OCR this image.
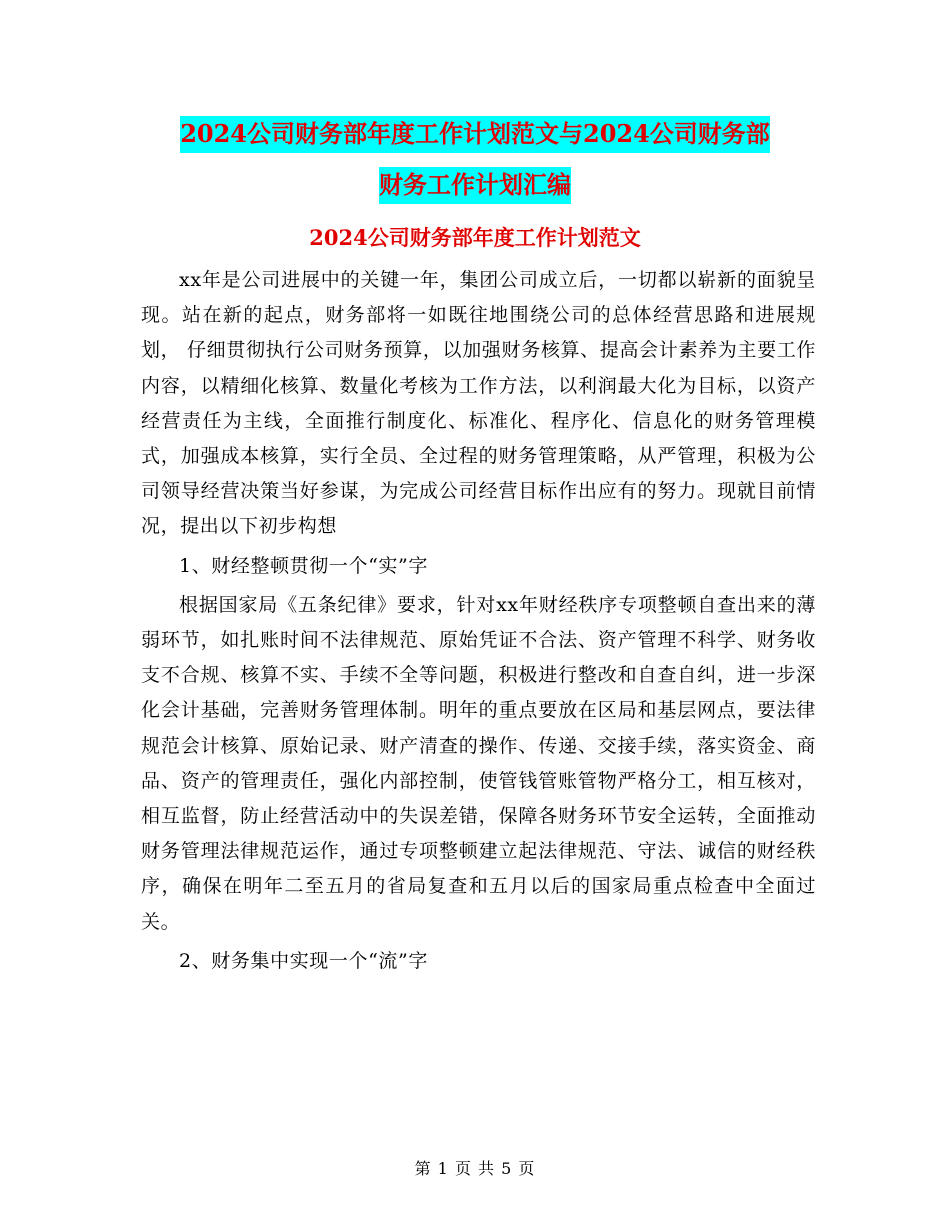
2024公司财务部年度工作计划范文与2024公司财务部
财务工作计划汇编
2024公司财务部年度工作计划范文

xx年是公司进展中的关键一年，集团公司成立后，一切都以崭新的面貌呈现。站在新的起点，财务部将一如既往地围绕公司的总体经营思路和进展规划， 仔细贯彻执行公司财务预算，以加强财务核算、提高会计素养为主要工作内容，以精细化核算、数量化考核为工作方法，以利润最大化为目标，以资产经营责任为主线，全面推行制度化、标准化、程序化、信息化的财务管理模式，加强成本核算，实行全员、全过程的财务管理策略，从严管理，积极为公司领导经营决策当好参谋，为完成公司经营目标作出应有的努力。现就目前情况，提出以下初步构想

1、财经整顿贯彻一个“实”字

根据国家局《五条纪律》要求，针对xx年财经秩序专项整顿自查出来的薄弱环节，如扎账时间不法律规范、原始凭证不合法、资产管理不科学、财务收支不合规、核算不实、手续不全等问题，积极进行整改和自查自纠，进一步深化会计基础，完善财务管理体制。明年的重点要放在区局和基层网点，要法律规范会计核算、原始记录、财产清查的操作、传递、交接手续，落实资金、商品、资产的管理责任，强化内部控制，使管钱管账管物严格分工，相互核对，相互监督，防止经营活动中的失误差错，保障各财务环节安全运转，全面推动财务管理法律规范运作，通过专项整顿建立起法律规范、守法、诚信的财经秩序，确保在明年二至五月的省局复查和五月以后的国家局重点检查中全面过关。

2、财务集中实现一个“流”字

第 1 页 共 5 页
